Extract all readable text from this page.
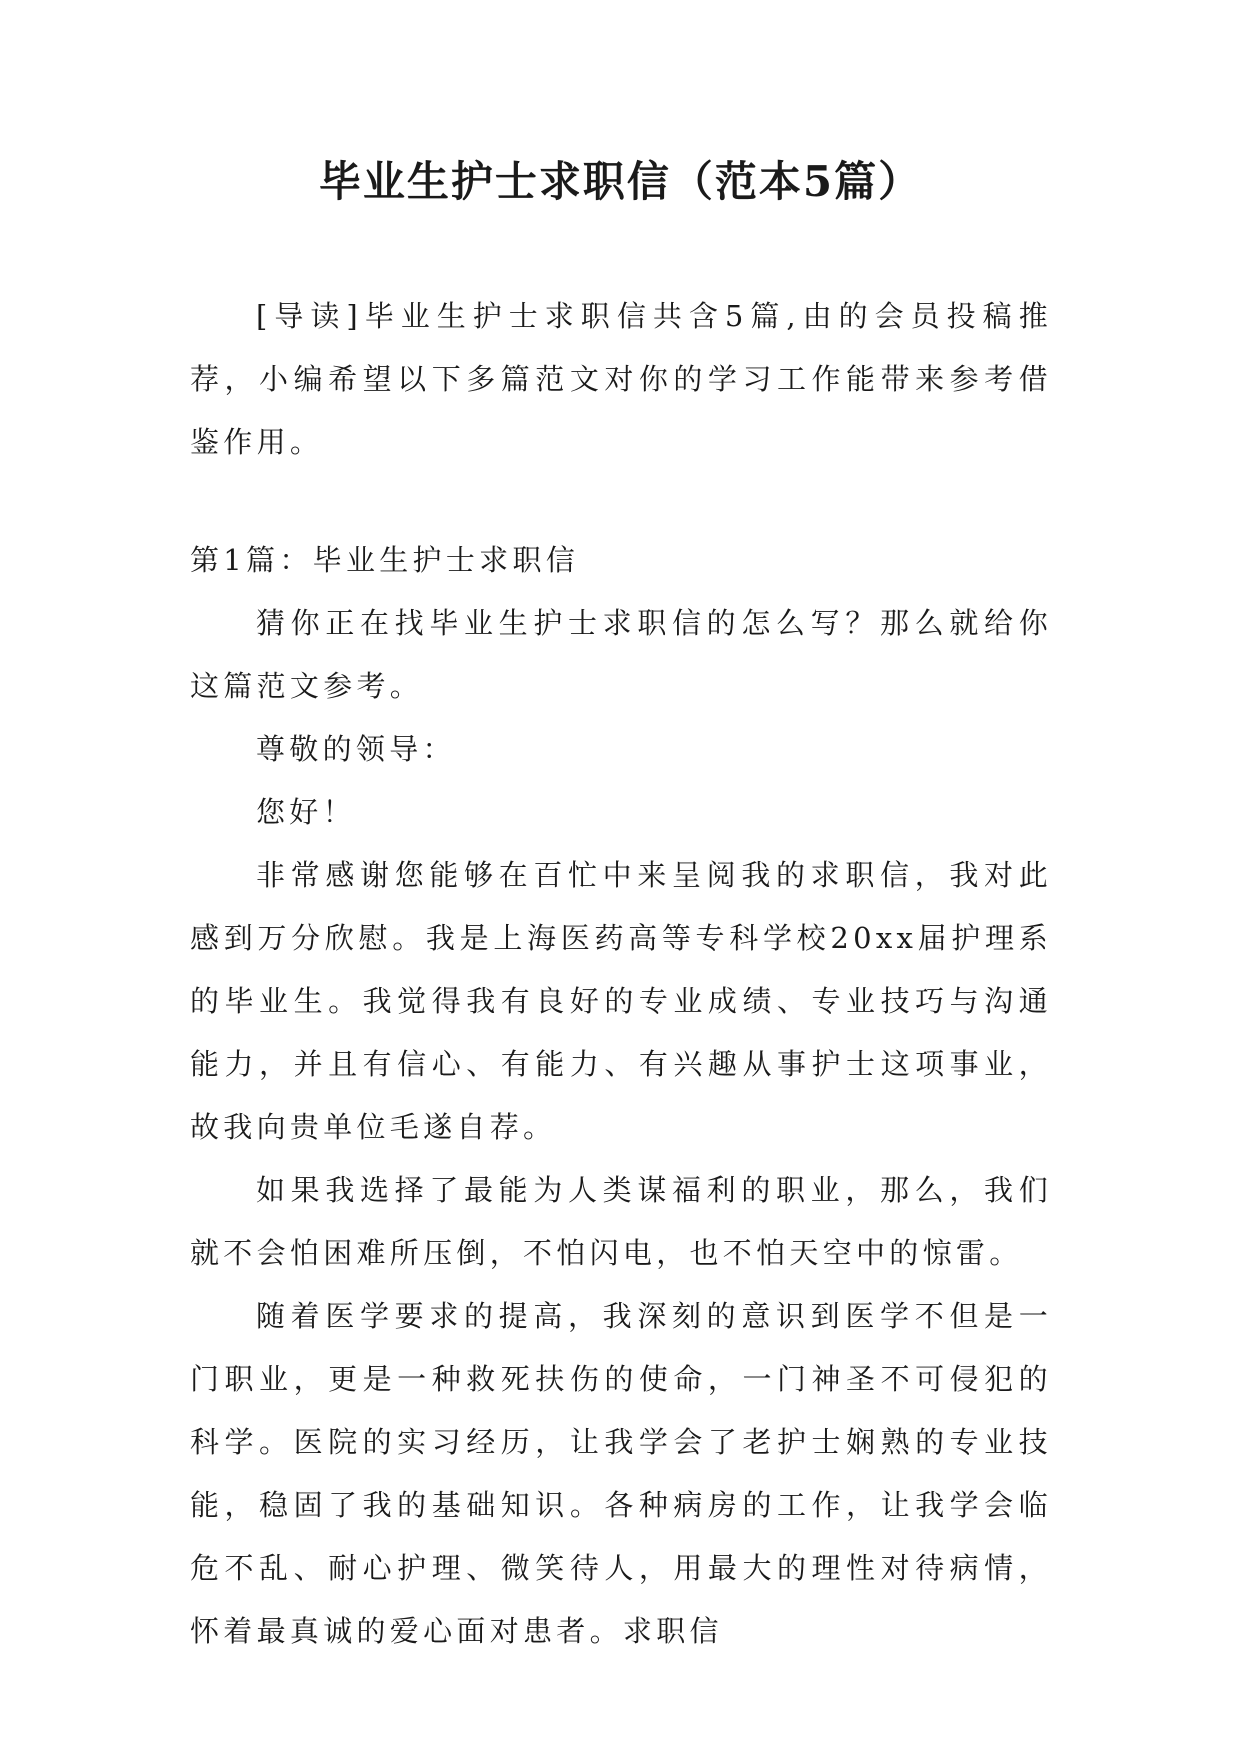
毕业生护士求职信（范本5篇）

[导读]毕业生护士求职信共含5篇,由的会员投稿推荐，小编希望以下多篇范文对你的学习工作能带来参考借鉴作用。

第1篇：毕业生护士求职信

猜你正在找毕业生护士求职信的怎么写？那么就给你这篇范文参考。

尊敬的领导：

您好！

非常感谢您能够在百忙中来呈阅我的求职信，我对此感到万分欣慰。我是上海医药高等专科学校20xx届护理系的毕业生。我觉得我有良好的专业成绩、专业技巧与沟通能力，并且有信心、有能力、有兴趣从事护士这项事业，故我向贵单位毛遂自荐。

如果我选择了最能为人类谋福利的职业，那么，我们就不会怕困难所压倒，不怕闪电，也不怕天空中的惊雷。

随着医学要求的提高，我深刻的意识到医学不但是一门职业，更是一种救死扶伤的使命，一门神圣不可侵犯的科学。医院的实习经历，让我学会了老护士娴熟的专业技能，稳固了我的基础知识。各种病房的工作，让我学会临危不乱、耐心护理、微笑待人，用最大的理性对待病情，怀着最真诚的爱心面对患者。求职信
